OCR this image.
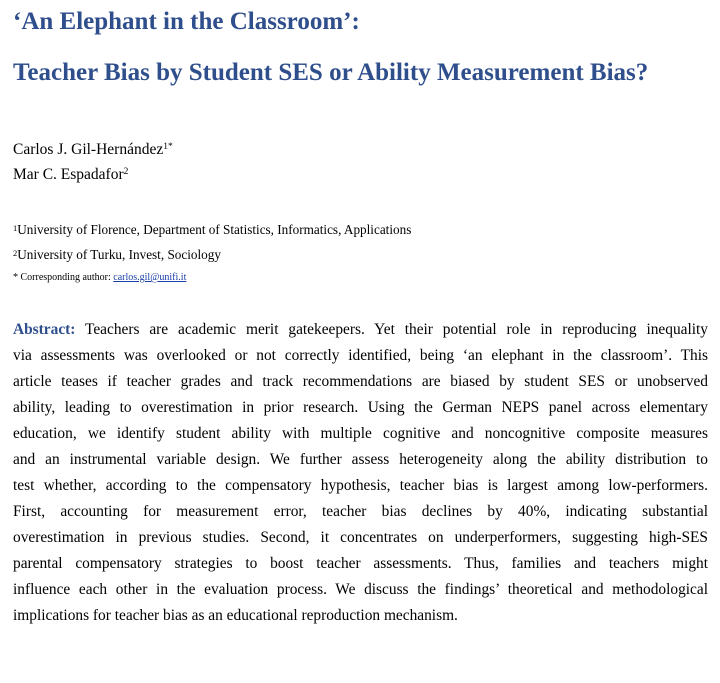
‘An Elephant in the Classroom’:
Teacher Bias by Student SES or Ability Measurement Bias?
Carlos J. Gil-Hernández$^{1*}$
Mar C. Espadafor$^2$
$^1$University of Florence, Department of Statistics, Informatics, Applications
$^2$University of Turku, Invest, Sociology
* Corresponding author: carlos.gil@unifi.it
Abstract: Teachers are academic merit gatekeepers. Yet their potential role in reproducing inequality
via assessments was overlooked or not correctly identified, being ‘an elephant in the classroom’. This
article teases if teacher grades and track recommendations are biased by student SES or unobserved
ability, leading to overestimation in prior research. Using the German NEPS panel across elementary
education, we identify student ability with multiple cognitive and noncognitive composite measures
and an instrumental variable design. We further assess heterogeneity along the ability distribution to
test whether, according to the compensatory hypothesis, teacher bias is largest among low-performers.
First, accounting for measurement error, teacher bias declines by 40%, indicating substantial
overestimation in previous studies. Second, it concentrates on underperformers, suggesting high-SES
parental compensatory strategies to boost teacher assessments. Thus, families and teachers might
influence each other in the evaluation process. We discuss the findings’ theoretical and methodological
implications for teacher bias as an educational reproduction mechanism.
